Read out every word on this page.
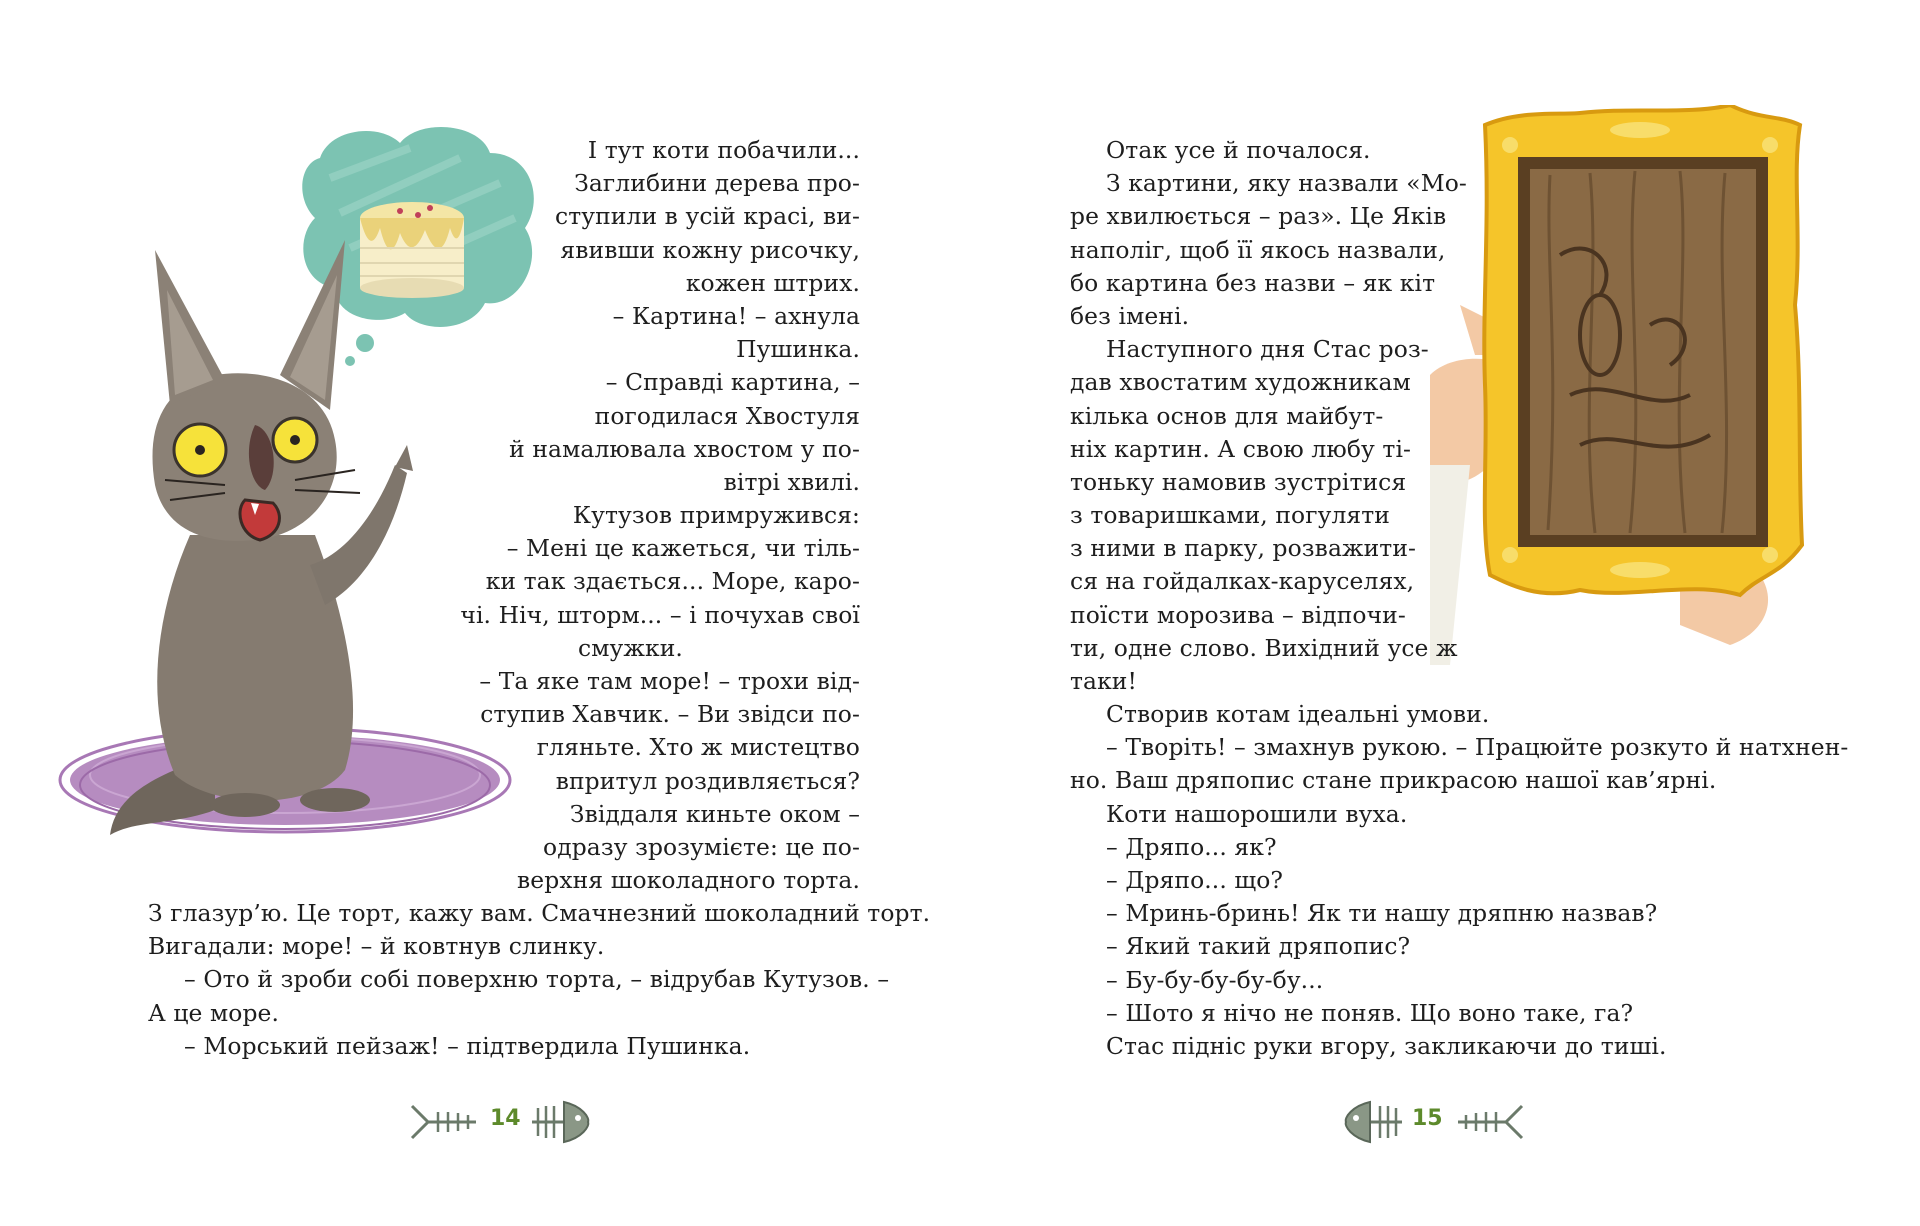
І тут коти побачили...
Заглибини дерева про-
ступили в усій красі, ви-
явивши кожну рисочку,
кожен штрих.
– Картина! – ахнула
Пушинка.
– Справді картина, –
погодилася Хвостуля
й намалювала хвостом у по-
вітрі хвилі.
Кутузов примружився:
– Мені це кажеться, чи тіль-
ки так здається... Море, каро-
чі. Ніч, шторм... – і почухав свої
смужки.
– Та яке там море! – трохи від-
ступив Хавчик. – Ви звідси по-
гляньте. Хто ж мистецтво
впритул роздивляється?
Звіддаля киньте оком –
одразу зрозумієте: це по-
верхня шоколадного торта.
З глазур’ю. Це торт, кажу вам. Смачнезний шоколадний торт.
Вигадали: море! – й ковтнув слинку.
– Ото й зроби собі поверхню торта, – відрубав Кутузов. –
А це море.
– Морський пейзаж! – підтвердила Пушинка.
14
Отак усе й почалося.
З картини, яку назвали «Мо-
ре хвилюється – раз». Це Яків
наполіг, щоб її якось назвали,
бо картина без назви – як кіт
без імені.
Наступного дня Стас роз-
дав хвостатим художникам
кілька основ для майбут-
ніх картин. А свою любу ті-
тоньку намовив зустрітися
з товаришками, погуляти
з ними в парку, розважити-
ся на гойдалках-каруселях,
поїсти морозива – відпочи-
ти, одне слово. Вихідний усе ж
таки!
Створив котам ідеальні умови.
– Творіть! – змахнув рукою. – Працюйте розкуто й натхнен-
но. Ваш дряпопис стане прикрасою нашої кав’ярні.
Коти нашорошили вуха.
– Дряпо... як?
– Дряпо... що?
– Мринь-бринь! Як ти нашу дряпню назвав?
– Який такий дряпопис?
– Бу-бу-бу-бу-бу...
– Шото я нічо не поняв. Що воно таке, га?
Стас підніс руки вгору, закликаючи до тиші.
15
